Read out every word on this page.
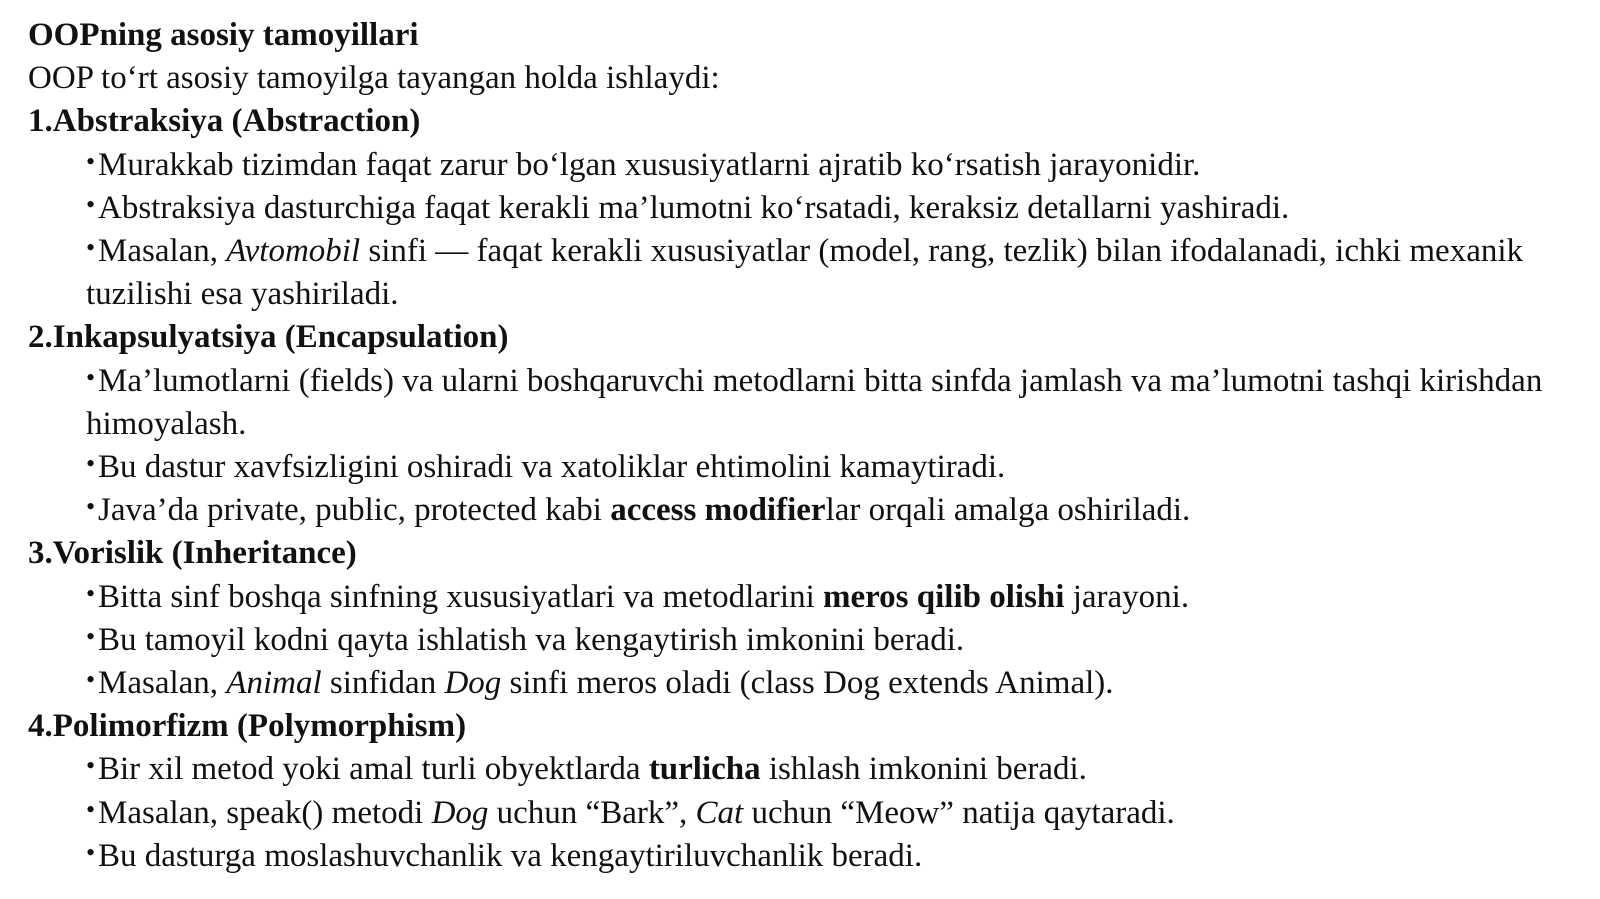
OOPning asosiy tamoyillari
OOP to‘rt asosiy tamoyilga tayangan holda ishlaydi:
1.Abstraksiya (Abstraction)
• Murakkab tizimdan faqat zarur bo‘lgan xususiyatlarni ajratib ko‘rsatish jarayonidir.
• Abstraksiya dasturchiga faqat kerakli ma’lumotni ko‘rsatadi, keraksiz detallarni yashiradi.
• Masalan, Avtomobil sinfi — faqat kerakli xususiyatlar (model, rang, tezlik) bilan ifodalanadi, ichki mexanik tuzilishi esa yashiriladi.
2.Inkapsulyatsiya (Encapsulation)
• Ma’lumotlarni (fields) va ularni boshqaruvchi metodlarni bitta sinfda jamlash va ma’lumotni tashqi kirishdan himoyalash.
• Bu dastur xavfsizligini oshiradi va xatoliklar ehtimolini kamaytiradi.
• Java’da private, public, protected kabi access modifierlar orqali amalga oshiriladi.
3.Vorislik (Inheritance)
• Bitta sinf boshqa sinfning xususiyatlari va metodlarini meros qilib olishi jarayoni.
• Bu tamoyil kodni qayta ishlatish va kengaytirish imkonini beradi.
• Masalan, Animal sinfidan Dog sinfi meros oladi (class Dog extends Animal).
4.Polimorfizm (Polymorphism)
• Bir xil metod yoki amal turli obyektlarda turlicha ishlash imkonini beradi.
• Masalan, speak() metodi Dog uchun “Bark”, Cat uchun “Meow” natija qaytaradi.
• Bu dasturga moslashuvchanlik va kengaytiriluvchanlik beradi.
